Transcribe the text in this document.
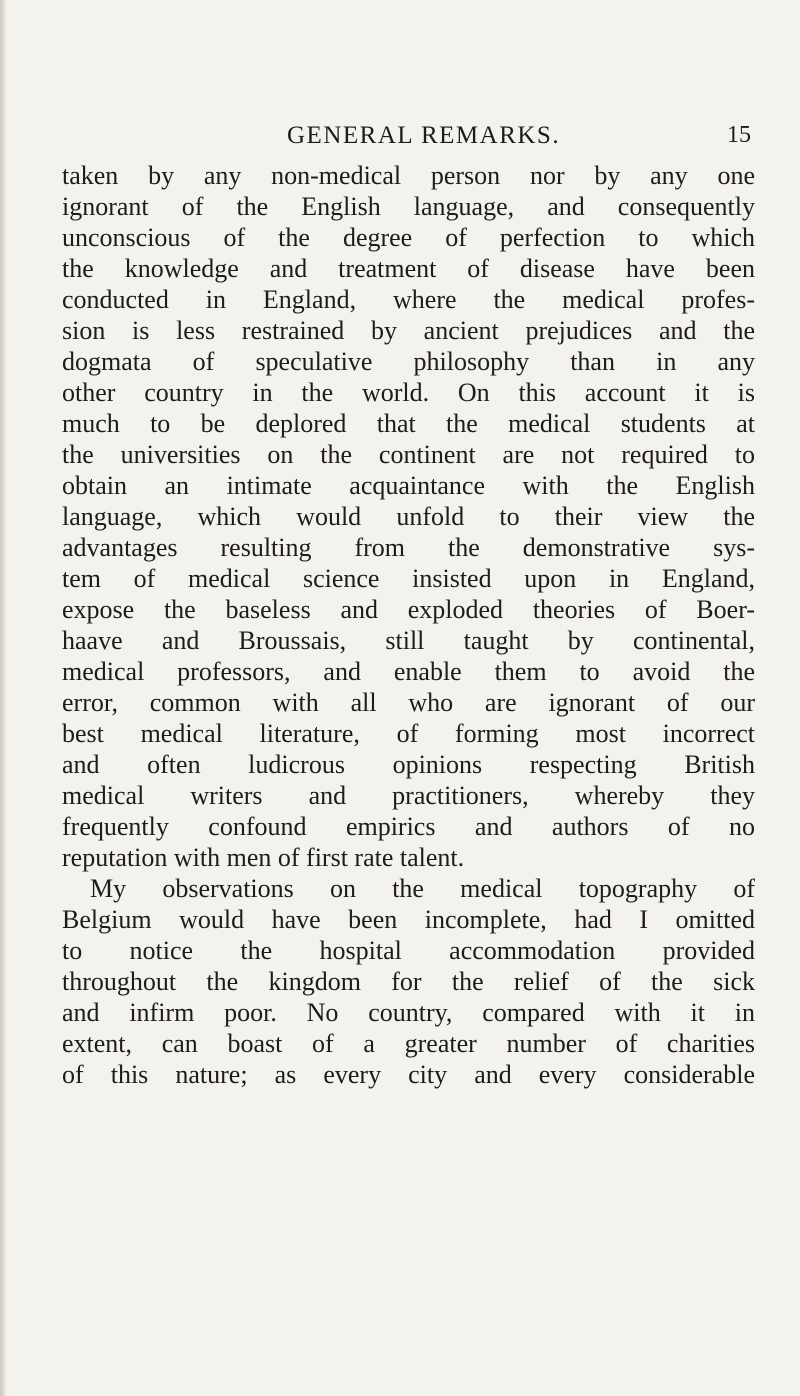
GENERAL REMARKS.	15
taken by any non-medical person nor by any one
ignorant of the English language, and consequently
unconscious of the degree of perfection to which
the knowledge and treatment of disease have been
conducted in England, where the medical profes-
sion is less restrained by ancient prejudices and the
dogmata of speculative philosophy than in any
other country in the world. On this account it is
much to be deplored that the medical students at
the universities on the continent are not required to
obtain an intimate acquaintance with the English
language, which would unfold to their view the
advantages resulting from the demonstrative sys-
tem of medical science insisted upon in England,
expose the baseless and exploded theories of Boer-
haave and Broussais, still taught by continental,
medical professors, and enable them to avoid the
error, common with all who are ignorant of our
best medical literature, of forming most incorrect
and often ludicrous opinions respecting British
medical writers and practitioners, whereby they
frequently confound empirics and authors of no
reputation with men of first rate talent.
My observations on the medical topography of
Belgium would have been incomplete, had I omitted
to notice the hospital accommodation provided
throughout the kingdom for the relief of the sick
and infirm poor. No country, compared with it in
extent, can boast of a greater number of charities
of this nature; as every city and every considerable
